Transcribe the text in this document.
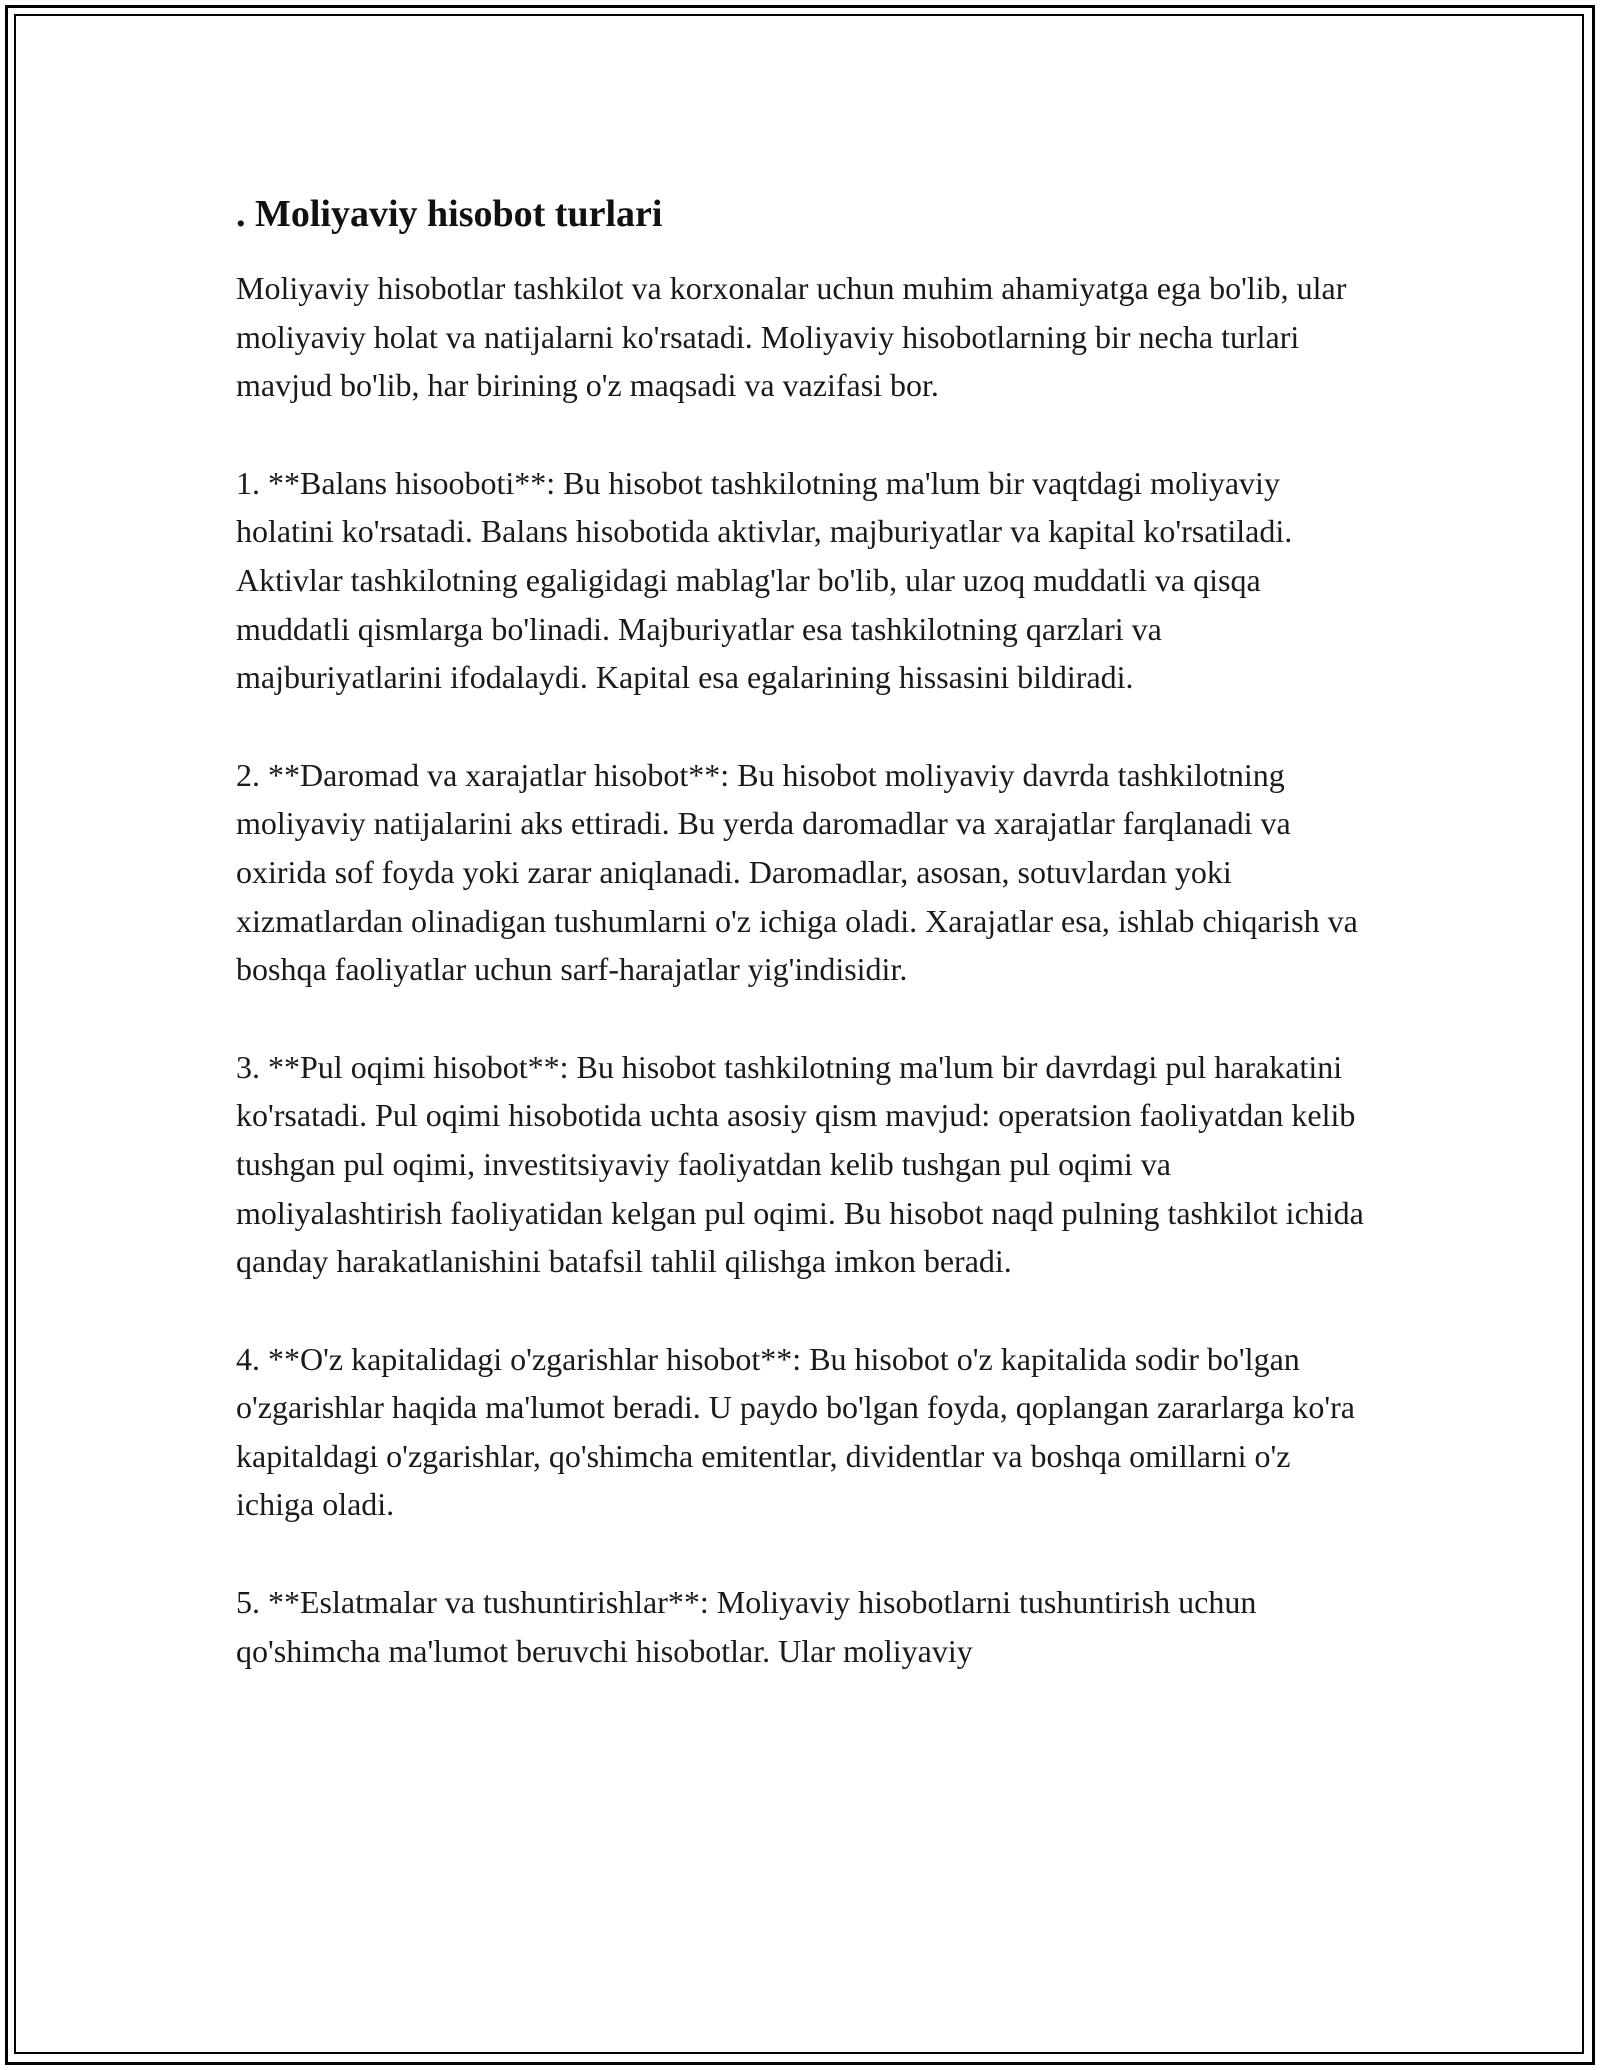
. Moliyaviy hisobot turlari

Moliyaviy hisobotlar tashkilot va korxonalar uchun muhim ahamiyatga ega bo'lib, ular moliyaviy holat va natijalarni ko'rsatadi. Moliyaviy hisobotlarning bir necha turlari mavjud bo'lib, har birining o'z maqsadi va vazifasi bor.

1. **Balans hisooboti**: Bu hisobot tashkilotning ma'lum bir vaqtdagi moliyaviy holatini ko'rsatadi. Balans hisobotida aktivlar, majburiyatlar va kapital ko'rsatiladi. Aktivlar tashkilotning egaligidagi mablag'lar bo'lib, ular uzoq muddatli va qisqa muddatli qismlarga bo'linadi. Majburiyatlar esa tashkilotning qarzlari va majburiyatlarini ifodalaydi. Kapital esa egalarining hissasini bildiradi.

2. **Daromad va xarajatlar hisobot**: Bu hisobot moliyaviy davrda tashkilotning moliyaviy natijalarini aks ettiradi. Bu yerda daromadlar va xarajatlar farqlanadi va oxirida sof foyda yoki zarar aniqlanadi. Daromadlar, asosan, sotuvlardan yoki xizmatlardan olinadigan tushumlarni o'z ichiga oladi. Xarajatlar esa, ishlab chiqarish va boshqa faoliyatlar uchun sarf-harajatlar yig'indisidir.

3. **Pul oqimi hisobot**: Bu hisobot tashkilotning ma'lum bir davrdagi pul harakatini ko'rsatadi. Pul oqimi hisobotida uchta asosiy qism mavjud: operatsion faoliyatdan kelib tushgan pul oqimi, investitsiyaviy faoliyatdan kelib tushgan pul oqimi va moliyalashtirish faoliyatidan kelgan pul oqimi. Bu hisobot naqd pulning tashkilot ichida qanday harakatlanishini batafsil tahlil qilishga imkon beradi.

4. **O'z kapitalidagi o'zgarishlar hisobot**: Bu hisobot o'z kapitalida sodir bo'lgan o'zgarishlar haqida ma'lumot beradi. U paydo bo'lgan foyda, qoplangan zararlarga ko'ra kapitaldagi o'zgarishlar, qo'shimcha emitentlar, dividentlar va boshqa omillarni o'z ichiga oladi.

5. **Eslatmalar va tushuntirishlar**: Moliyaviy hisobotlarni tushuntirish uchun qo'shimcha ma'lumot beruvchi hisobotlar. Ular moliyaviy
